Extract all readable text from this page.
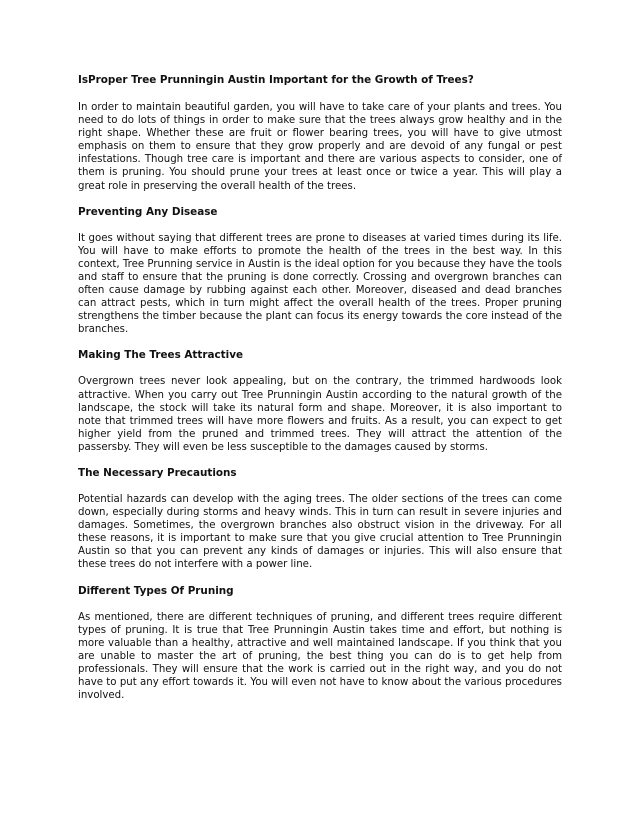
IsProper Tree Prunningin Austin Important for the Growth of Trees?

In order to maintain beautiful garden, you will have to take care of your plants and trees. You need to do lots of things in order to make sure that the trees always grow healthy and in the right shape. Whether these are fruit or flower bearing trees, you will have to give utmost emphasis on them to ensure that they grow properly and are devoid of any fungal or pest infestations. Though tree care is important and there are various aspects to consider, one of them is pruning. You should prune your trees at least once or twice a year. This will play a great role in preserving the overall health of the trees.

Preventing Any Disease

It goes without saying that different trees are prone to diseases at varied times during its life. You will have to make efforts to promote the health of the trees in the best way. In this context, Tree Prunning service in Austin is the ideal option for you because they have the tools and staff to ensure that the pruning is done correctly. Crossing and overgrown branches can often cause damage by rubbing against each other. Moreover, diseased and dead branches can attract pests, which in turn might affect the overall health of the trees. Proper pruning strengthens the timber because the plant can focus its energy towards the core instead of the branches.

Making The Trees Attractive

Overgrown trees never look appealing, but on the contrary, the trimmed hardwoods look attractive. When you carry out Tree Prunningin Austin according to the natural growth of the landscape, the stock will take its natural form and shape. Moreover, it is also important to note that trimmed trees will have more flowers and fruits. As a result, you can expect to get higher yield from the pruned and trimmed trees. They will attract the attention of the passersby. They will even be less susceptible to the damages caused by storms.

The Necessary Precautions

Potential hazards can develop with the aging trees. The older sections of the trees can come down, especially during storms and heavy winds. This in turn can result in severe injuries and damages. Sometimes, the overgrown branches also obstruct vision in the driveway. For all these reasons, it is important to make sure that you give crucial attention to Tree Prunningin Austin so that you can prevent any kinds of damages or injuries. This will also ensure that these trees do not interfere with a power line.

Different Types Of Pruning

As mentioned, there are different techniques of pruning, and different trees require different types of pruning. It is true that Tree Prunningin Austin takes time and effort, but nothing is more valuable than a healthy, attractive and well maintained landscape. If you think that you are unable to master the art of pruning, the best thing you can do is to get help from professionals. They will ensure that the work is carried out in the right way, and you do not have to put any effort towards it. You will even not have to know about the various procedures involved.
